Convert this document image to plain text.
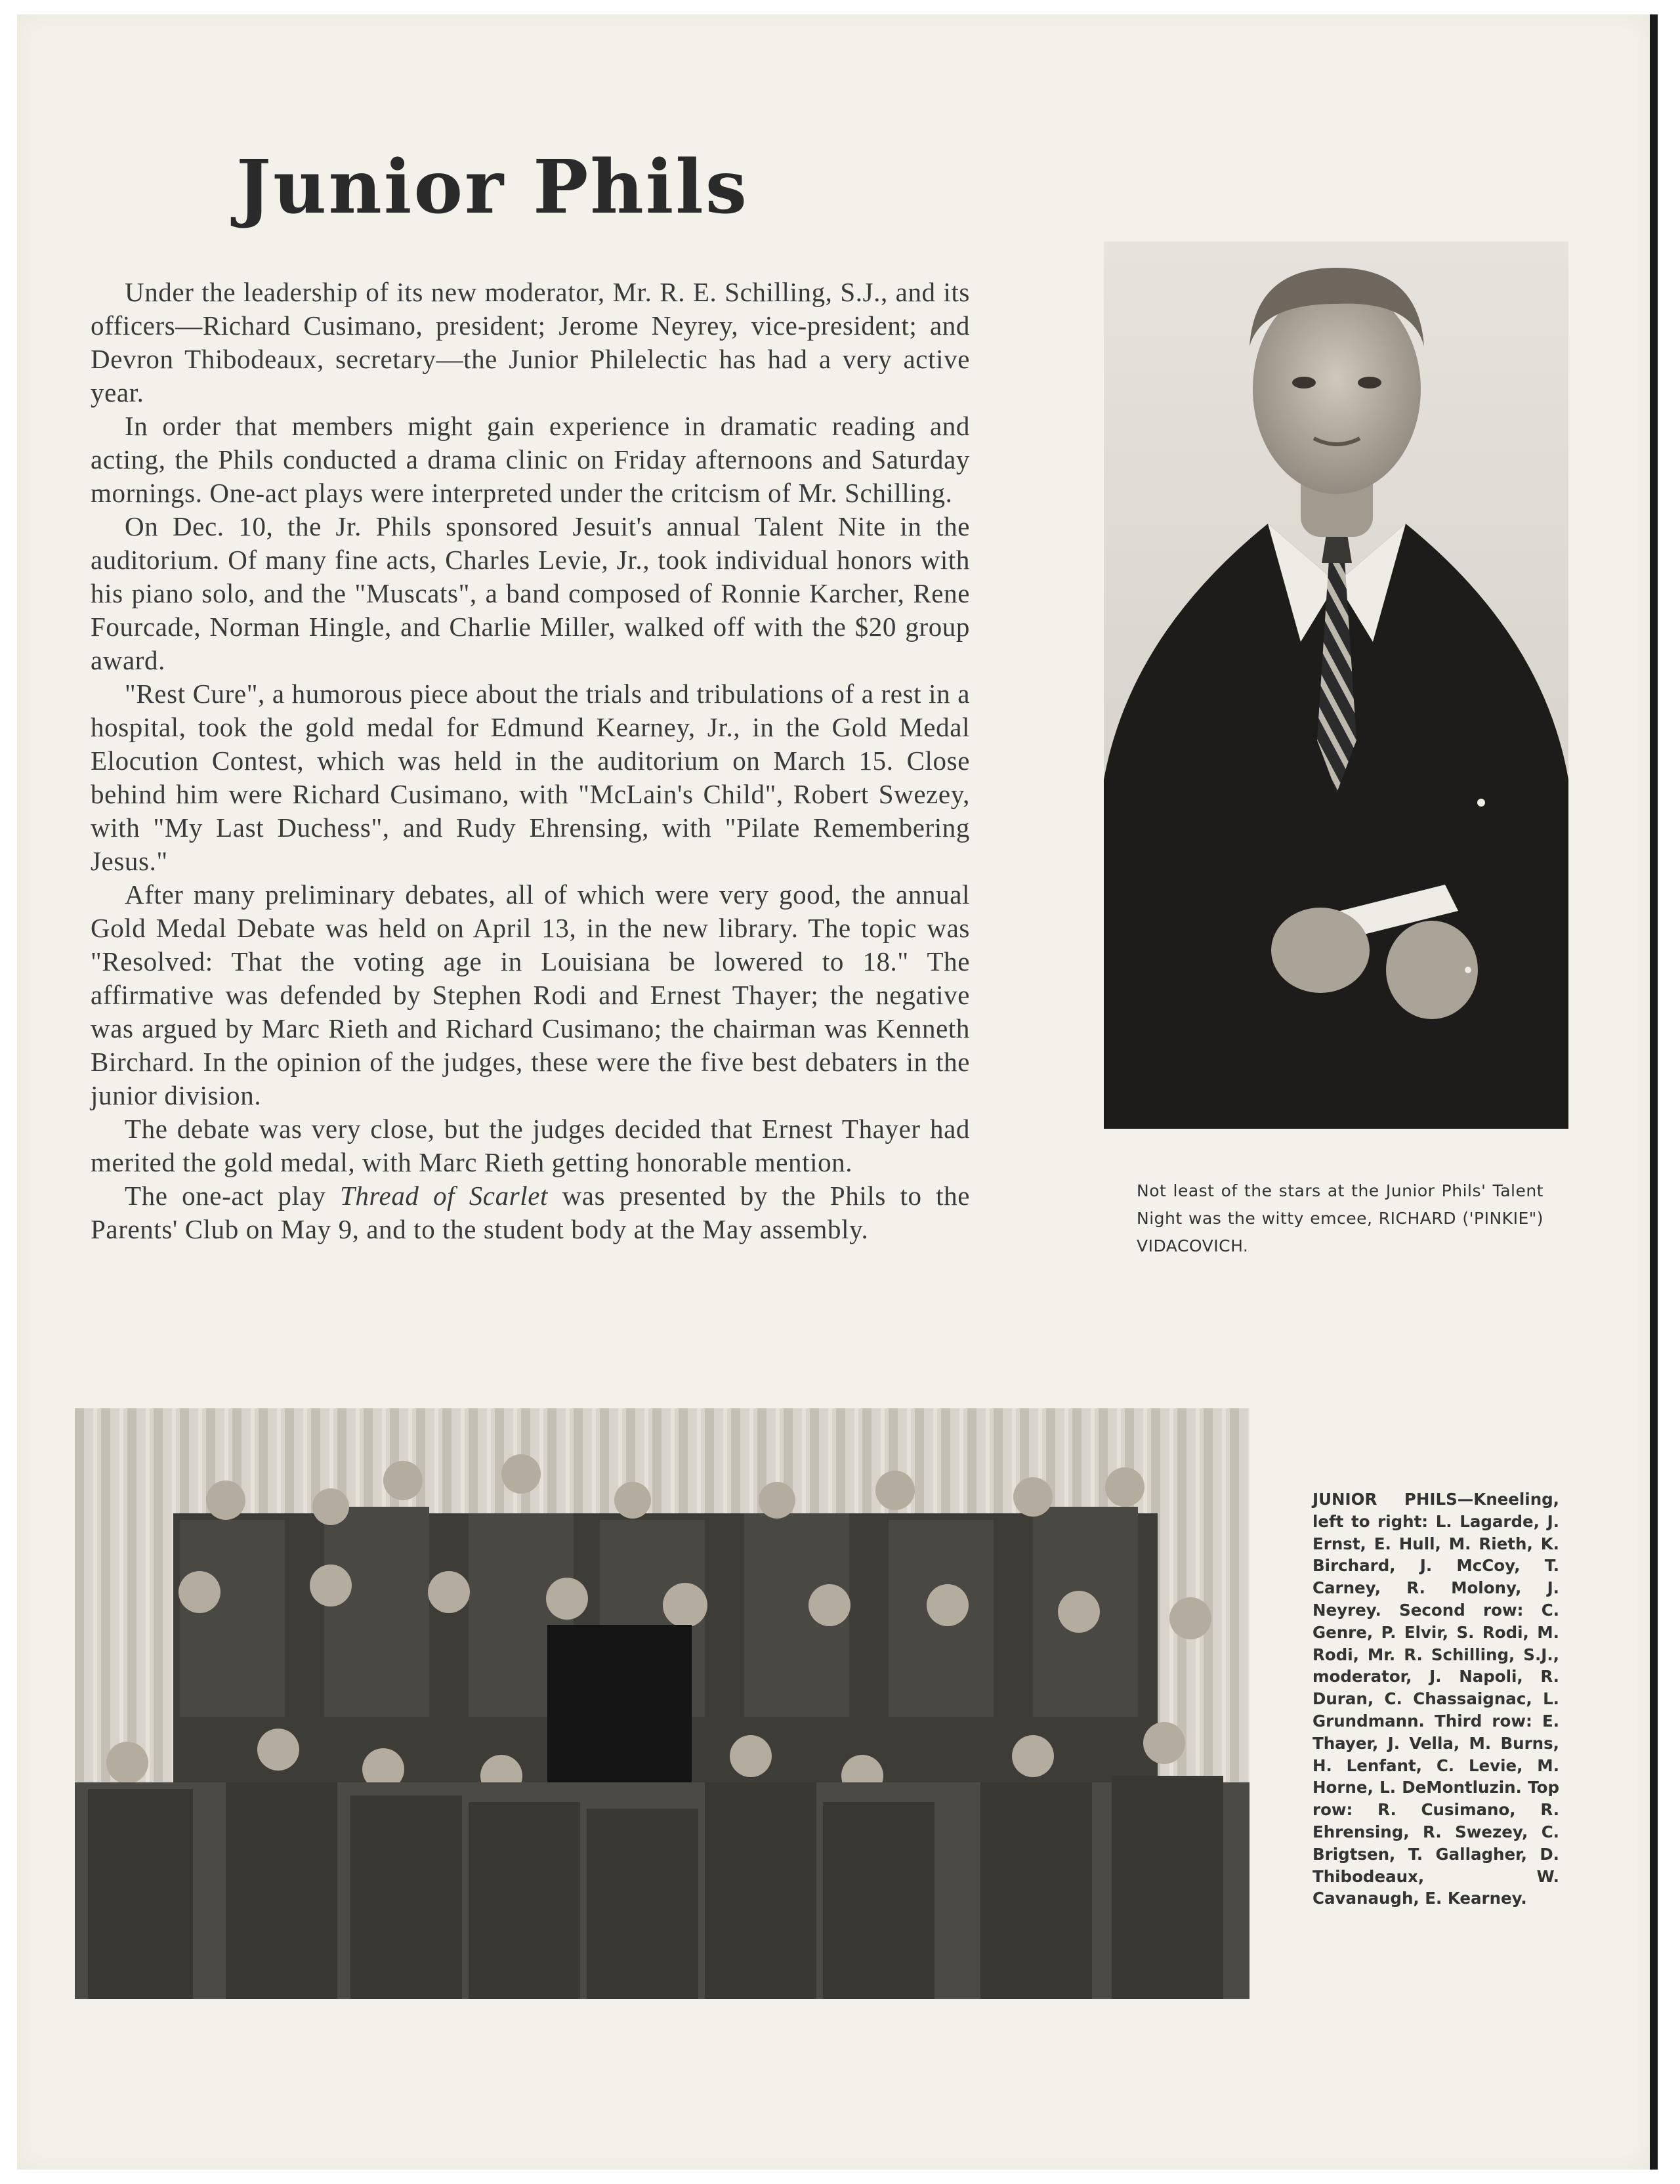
Junior Phils

Under the leadership of its new moderator, Mr. R. E. Schilling, S.J., and its officers—Richard Cusimano, president; Jerome Neyrey, vice-president; and Devron Thibodeaux, secretary—the Junior Philelectic has had a very active year.

In order that members might gain experience in dramatic reading and acting, the Phils conducted a drama clinic on Friday afternoons and Saturday mornings. One-act plays were interpreted under the critcism of Mr. Schilling.

On Dec. 10, the Jr. Phils sponsored Jesuit's annual Talent Nite in the auditorium. Of many fine acts, Charles Levie, Jr., took individual honors with his piano solo, and the "Muscats", a band composed of Ronnie Karcher, Rene Fourcade, Norman Hingle, and Charlie Miller, walked off with the $20 group award.

"Rest Cure", a humorous piece about the trials and tribulations of a rest in a hospital, took the gold medal for Edmund Kearney, Jr., in the Gold Medal Elocution Contest, which was held in the auditorium on March 15. Close behind him were Richard Cusimano, with "McLain's Child", Robert Swezey, with "My Last Duchess", and Rudy Ehrensing, with "Pilate Remembering Jesus."

After many preliminary debates, all of which were very good, the annual Gold Medal Debate was held on April 13, in the new library. The topic was "Resolved: That the voting age in Louisiana be lowered to 18." The affirmative was defended by Stephen Rodi and Ernest Thayer; the negative was argued by Marc Rieth and Richard Cusimano; the chairman was Kenneth Birchard. In the opinion of the judges, these were the five best debaters in the junior division.

The debate was very close, but the judges decided that Ernest Thayer had merited the gold medal, with Marc Rieth getting honorable mention.

The one-act play Thread of Scarlet was presented by the Phils to the Parents' Club on May 9, and to the student body at the May assembly.

Not least of the stars at the Junior Phils' Talent Night was the witty emcee, RICHARD ('PINKIE") VIDACOVICH.
JUNIOR PHILS—Kneeling, left to right: L. Lagarde, J. Ernst, E. Hull, M. Rieth, K. Birchard, J. McCoy, T. Carney, R. Molony, J. Neyrey. Second row: C. Genre, P. Elvir, S. Rodi, M. Rodi, Mr. R. Schilling, S.J., moderator, J. Napoli, R. Duran, C. Chassaignac, L. Grundmann. Third row: E. Thayer, J. Vella, M. Burns, H. Lenfant, C. Levie, M. Horne, L. DeMontluzin. Top row: R. Cusimano, R. Ehrensing, R. Swezey, C. Brigtsen, T. Gallagher, D. Thibodeaux, W. Cavanaugh, E. Kearney.
